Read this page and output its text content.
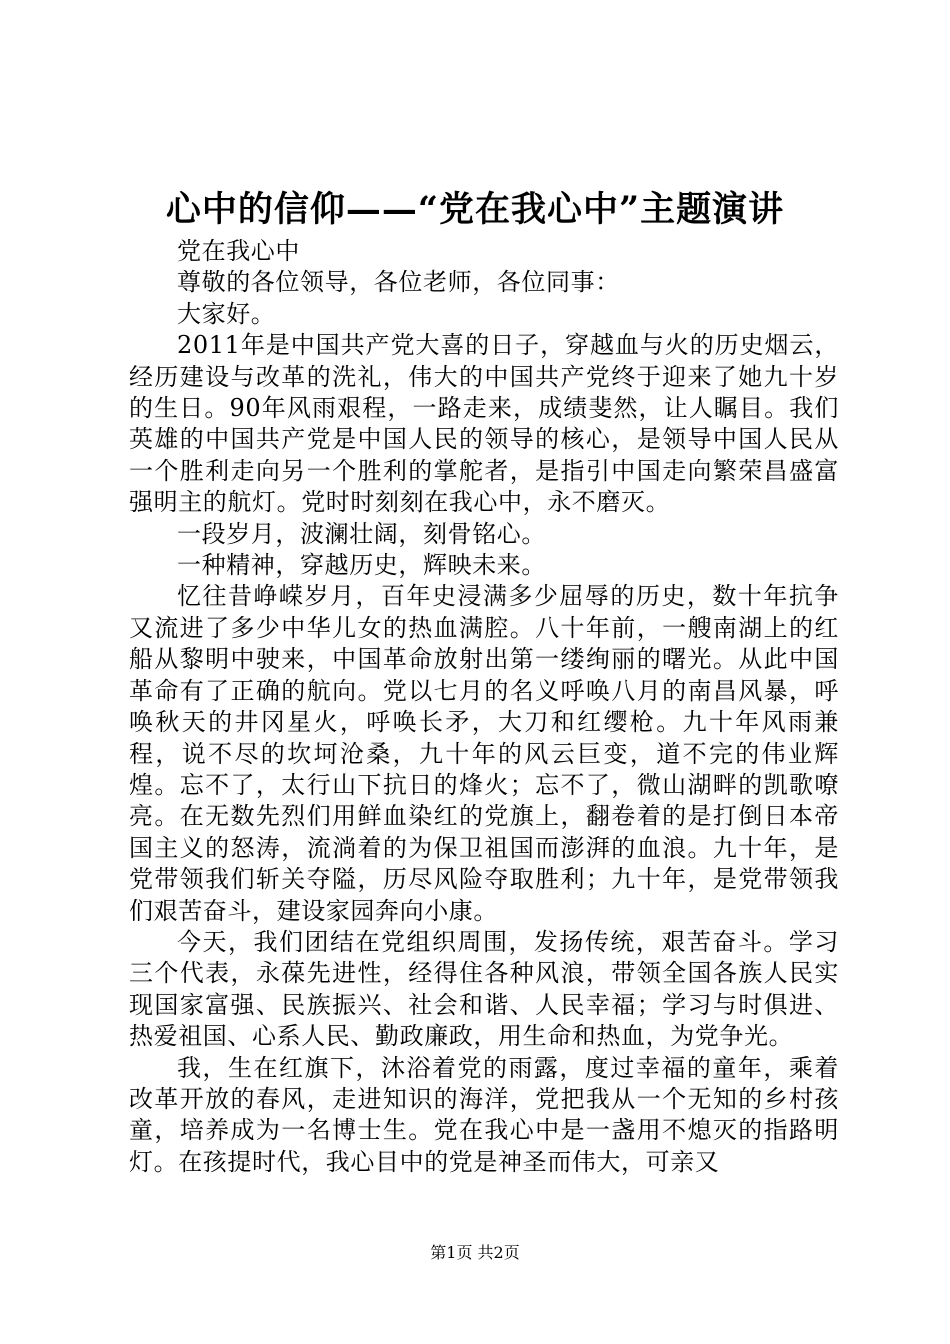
心中的信仰——“党在我心中”主题演讲

党在我心中

尊敬的各位领导，各位老师，各位同事：

大家好。

2011年是中国共产党大喜的日子，穿越血与火的历史烟云，经历建设与改革的洗礼，伟大的中国共产党终于迎来了她九十岁的生日。90年风雨艰程，一路走来，成绩斐然，让人瞩目。我们英雄的中国共产党是中国人民的领导的核心，是领导中国人民从一个胜利走向另一个胜利的掌舵者，是指引中国走向繁荣昌盛富强明主的航灯。党时时刻刻在我心中，永不磨灭。

一段岁月，波澜壮阔，刻骨铭心。

一种精神，穿越历史，辉映未来。

忆往昔峥嵘岁月，百年史浸满多少屈辱的历史，数十年抗争又流进了多少中华儿女的热血满腔。八十年前，一艘南湖上的红船从黎明中驶来，中国革命放射出第一缕绚丽的曙光。从此中国革命有了正确的航向。党以七月的名义呼唤八月的南昌风暴，呼唤秋天的井冈星火，呼唤长矛，大刀和红缨枪。九十年风雨兼程，说不尽的坎坷沧桑，九十年的风云巨变，道不完的伟业辉煌。忘不了，太行山下抗日的烽火；忘不了，微山湖畔的凯歌嘹亮。在无数先烈们用鲜血染红的党旗上，翻卷着的是打倒日本帝国主义的怒涛，流淌着的为保卫祖国而澎湃的血浪。九十年，是党带领我们斩关夺隘，历尽风险夺取胜利；九十年，是党带领我们艰苦奋斗，建设家园奔向小康。

今天，我们团结在党组织周围，发扬传统，艰苦奋斗。学习三个代表，永葆先进性，经得住各种风浪，带领全国各族人民实现国家富强、民族振兴、社会和谐、人民幸福；学习与时俱进、热爱祖国、心系人民、勤政廉政，用生命和热血，为党争光。

我，生在红旗下，沐浴着党的雨露，度过幸福的童年，乘着改革开放的春风，走进知识的海洋，党把我从一个无知的乡村孩童，培养成为一名博士生。党在我心中是一盏用不熄灭的指路明灯。在孩提时代，我心目中的党是神圣而伟大，可亲又

第1页 共2页
